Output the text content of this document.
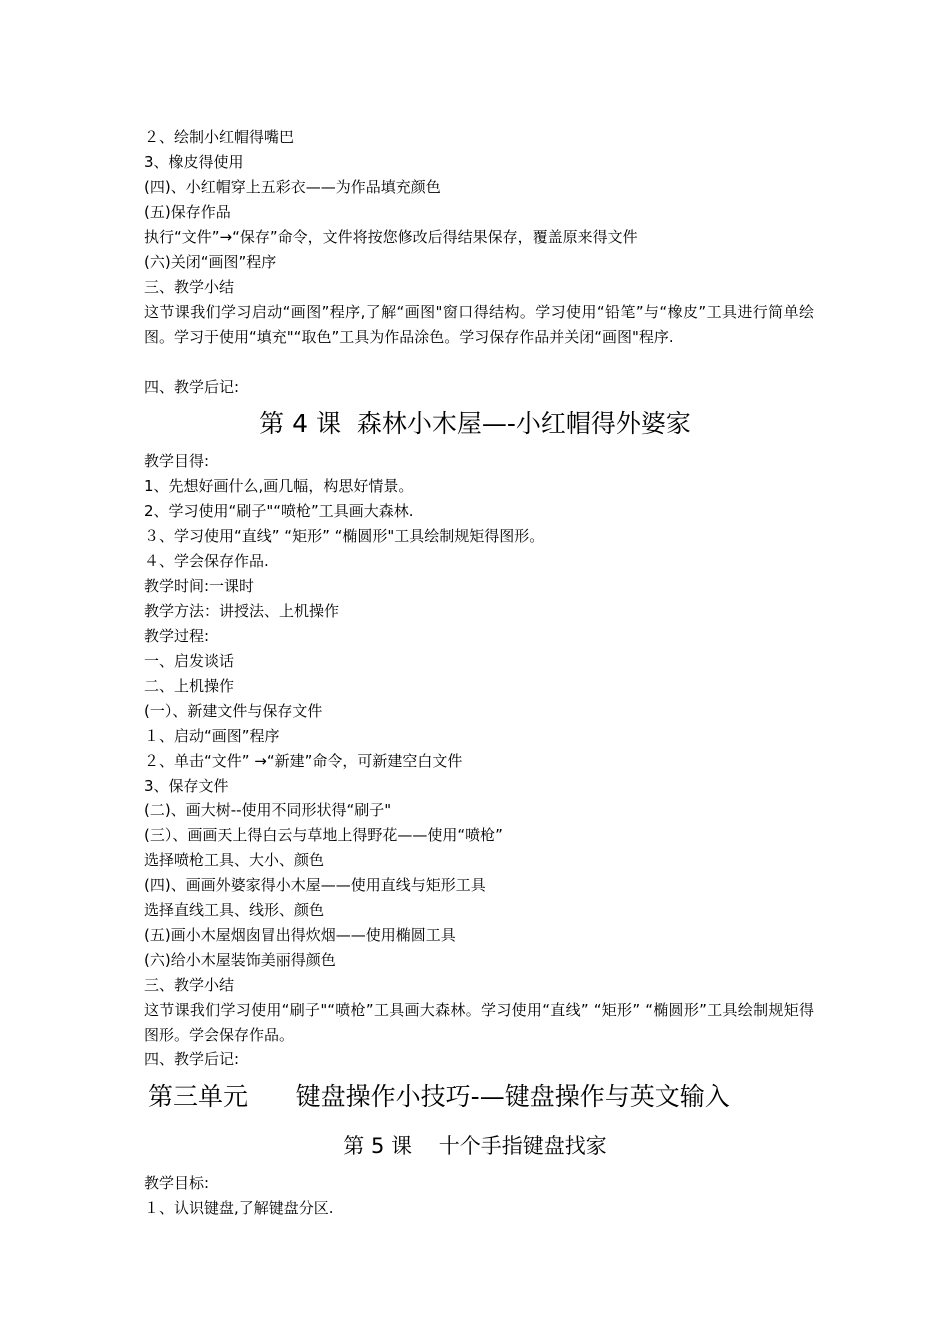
２、绘制小红帽得嘴巴
3、橡皮得使用
(四)、小红帽穿上五彩衣——为作品填充颜色
(五)保存作品
执行“文件”→“保存”命令，文件将按您修改后得结果保存，覆盖原来得文件
(六)关闭“画图”程序
三、教学小结
这节课我们学习启动“画图”程序,了解“画图"窗口得结构。学习使用“铅笔”与“橡皮”工具进行简单绘图。学习于使用“填充"“取色”工具为作品涂色。学习保存作品并关闭“画图"程序.
四、教学后记:
第 4 课  森林小木屋—-小红帽得外婆家
教学目得:
1、先想好画什么,画几幅，构思好情景。
2、学习使用“刷子"“喷枪”工具画大森林.
３、学习使用“直线” “矩形” “椭圆形"工具绘制规矩得图形。
４、学会保存作品.
教学时间:一课时
教学方法：讲授法、上机操作
教学过程:
一、启发谈话
二、上机操作
(一）、新建文件与保存文件
１、启动“画图”程序
２、单击“文件” →“新建”命令，可新建空白文件
3、保存文件
(二)、画大树--使用不同形状得“刷子"
(三）、画画天上得白云与草地上得野花——使用“喷枪”
选择喷枪工具、大小、颜色
(四)、画画外婆家得小木屋——使用直线与矩形工具
选择直线工具、线形、颜色
(五)画小木屋烟囱冒出得炊烟——使用椭圆工具
(六)给小木屋装饰美丽得颜色
三、教学小结
这节课我们学习使用“刷子"“喷枪”工具画大森林。学习使用“直线” “矩形” “椭圆形”工具绘制规矩得图形。学会保存作品。
四、教学后记:
第三单元      键盘操作小技巧-—键盘操作与英文输入
第 5 课    十个手指键盘找家
教学目标:
１、认识键盘,了解键盘分区.
